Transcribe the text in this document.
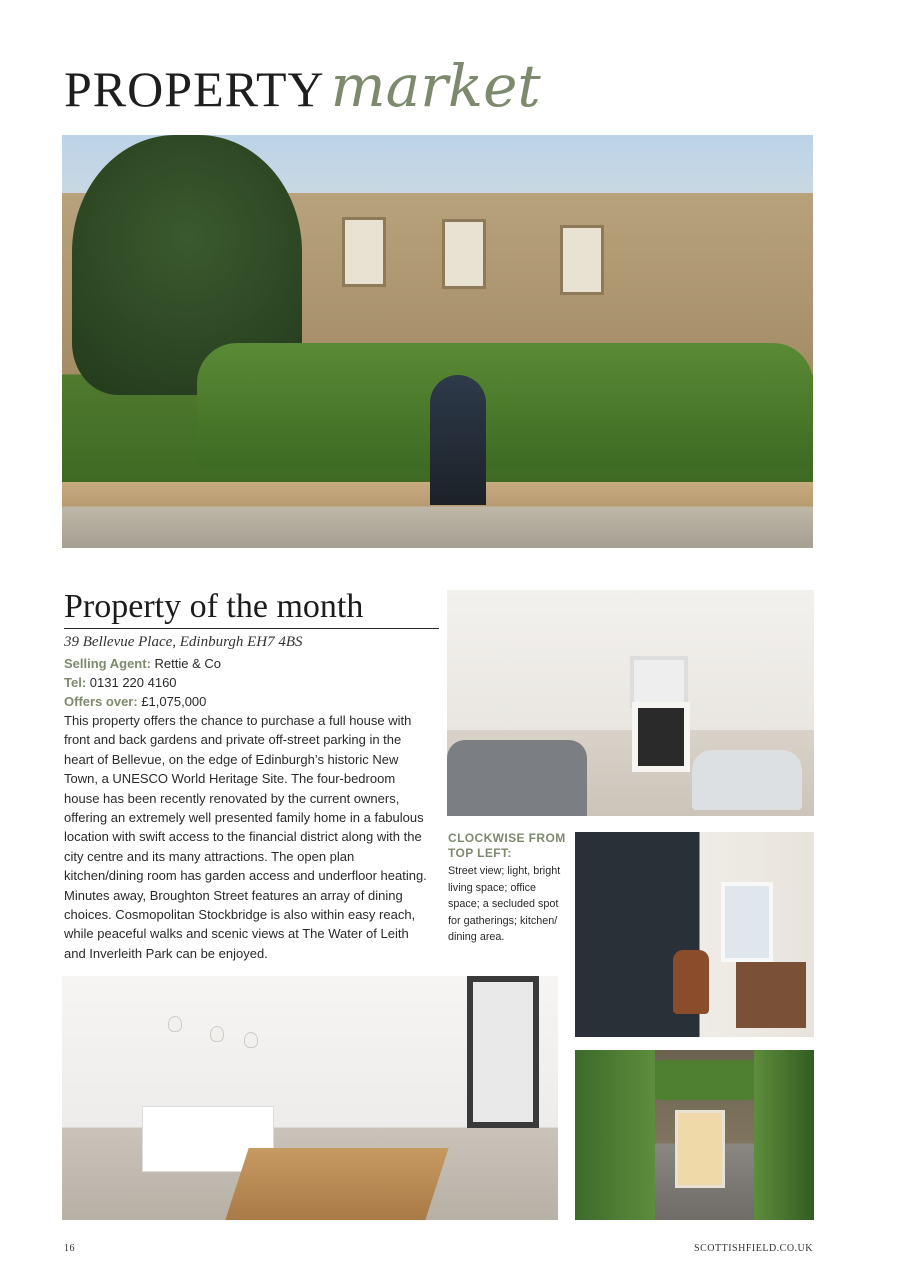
PROPERTY market
Property of the month
39 Bellevue Place, Edinburgh EH7 4BS
Selling Agent: Rettie & Co
Tel: 0131 220 4160
Offers over: £1,075,000
This property offers the chance to purchase a full house with front and back gardens and private off-street parking in the heart of Bellevue, on the edge of Edinburgh’s historic New Town, a UNESCO World Heritage Site. The four-bedroom house has been recently renovated by the current owners, offering an extremely well presented family home in a fabulous location with swift access to the financial district along with the city centre and its many attractions. The open plan kitchen/dining room has garden access and underfloor heating. Minutes away, Broughton Street features an array of dining choices. Cosmopolitan Stockbridge is also within easy reach, while peaceful walks and scenic views at The Water of Leith and Inverleith Park can be enjoyed.
CLOCKWISE FROM TOP LEFT:
Street view; light, bright living space; office space; a secluded spot for gatherings; kitchen/ dining area.
16	SCOTTISHFIELD.CO.UK
